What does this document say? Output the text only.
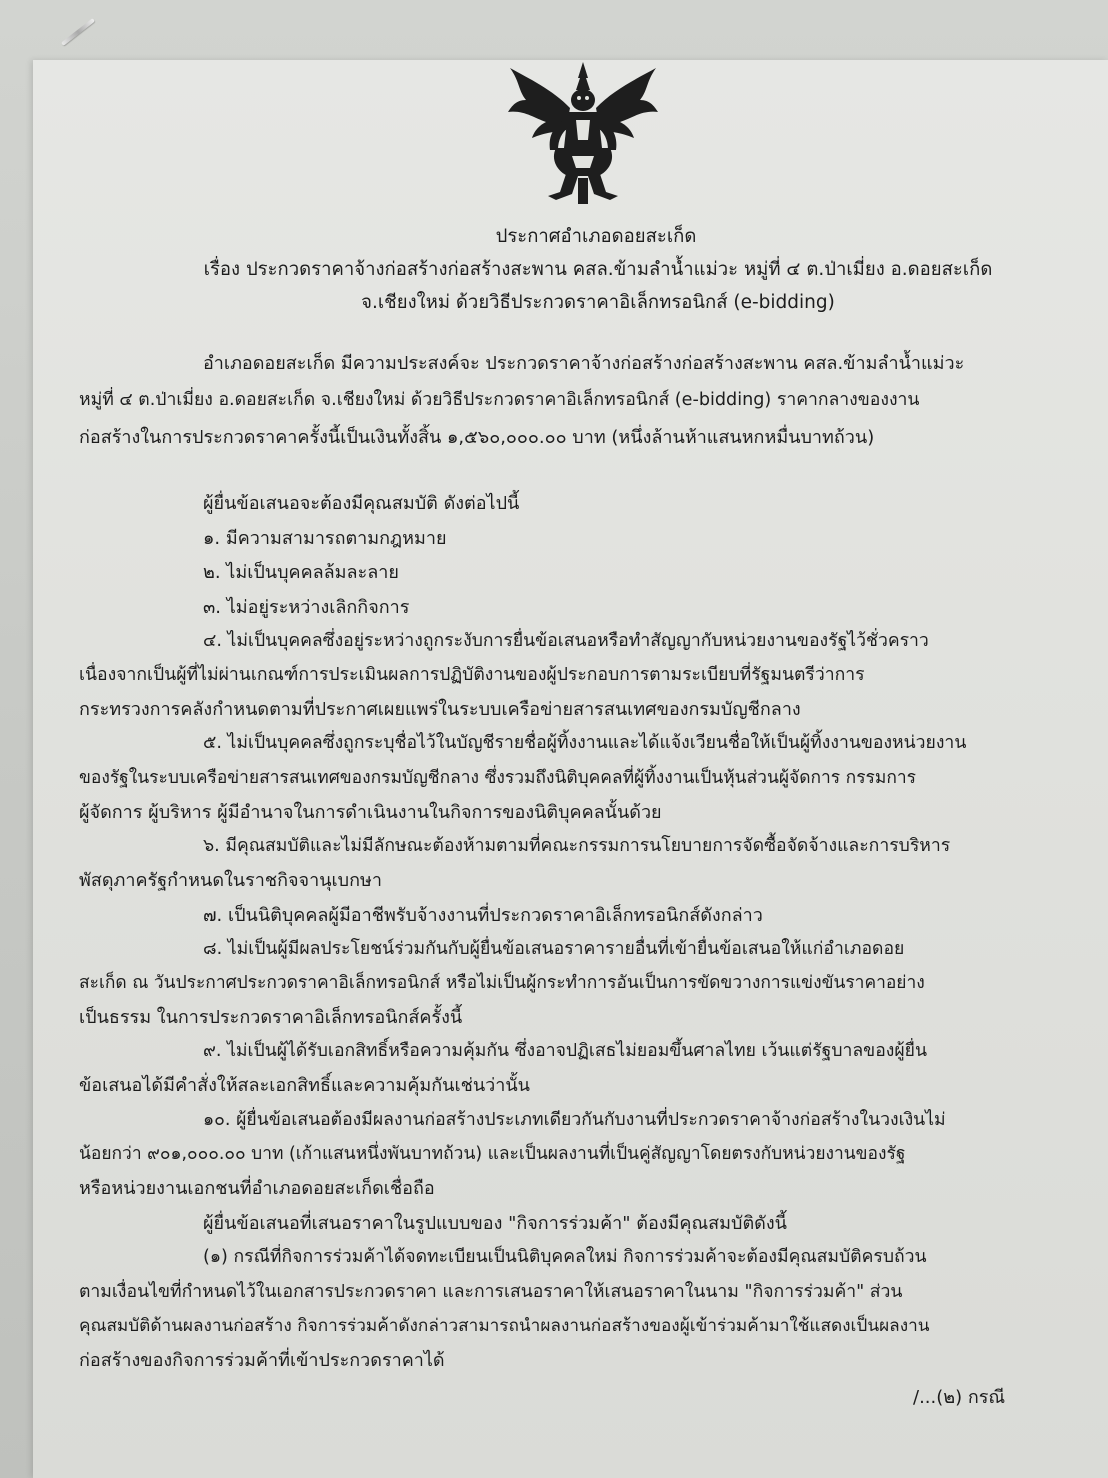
ประกาศอำเภอดอยสะเก็ด
เรื่อง ประกวดราคาจ้างก่อสร้างก่อสร้างสะพาน คสล.ข้ามลำน้ำแม่วะ หมู่ที่ ๔ ต.ป่าเมี่ยง อ.ดอยสะเก็ด
จ.เชียงใหม่ ด้วยวิธีประกวดราคาอิเล็กทรอนิกส์ (e-bidding)
อำเภอดอยสะเก็ด มีความประสงค์จะ ประกวดราคาจ้างก่อสร้างก่อสร้างสะพาน คสล.ข้ามลำน้ำแม่วะ
หมู่ที่ ๔ ต.ป่าเมี่ยง อ.ดอยสะเก็ด จ.เชียงใหม่ ด้วยวิธีประกวดราคาอิเล็กทรอนิกส์ (e-bidding) ราคากลางของงาน
ก่อสร้างในการประกวดราคาครั้งนี้เป็นเงินทั้งสิ้น ๑,๕๖๐,๐๐๐.๐๐ บาท (หนึ่งล้านห้าแสนหกหมื่นบาทถ้วน)
ผู้ยื่นข้อเสนอจะต้องมีคุณสมบัติ ดังต่อไปนี้
๑. มีความสามารถตามกฎหมาย
๒. ไม่เป็นบุคคลล้มละลาย
๓. ไม่อยู่ระหว่างเลิกกิจการ
๔. ไม่เป็นบุคคลซึ่งอยู่ระหว่างถูกระงับการยื่นข้อเสนอหรือทำสัญญากับหน่วยงานของรัฐไว้ชั่วคราว
เนื่องจากเป็นผู้ที่ไม่ผ่านเกณฑ์การประเมินผลการปฏิบัติงานของผู้ประกอบการตามระเบียบที่รัฐมนตรีว่าการ
กระทรวงการคลังกำหนดตามที่ประกาศเผยแพร่ในระบบเครือข่ายสารสนเทศของกรมบัญชีกลาง
๕. ไม่เป็นบุคคลซึ่งถูกระบุชื่อไว้ในบัญชีรายชื่อผู้ทิ้งงานและได้แจ้งเวียนชื่อให้เป็นผู้ทิ้งงานของหน่วยงาน
ของรัฐในระบบเครือข่ายสารสนเทศของกรมบัญชีกลาง ซึ่งรวมถึงนิติบุคคลที่ผู้ทิ้งงานเป็นหุ้นส่วนผู้จัดการ กรรมการ
ผู้จัดการ ผู้บริหาร ผู้มีอำนาจในการดำเนินงานในกิจการของนิติบุคคลนั้นด้วย
๖. มีคุณสมบัติและไม่มีลักษณะต้องห้ามตามที่คณะกรรมการนโยบายการจัดซื้อจัดจ้างและการบริหาร
พัสดุภาครัฐกำหนดในราชกิจจานุเบกษา
๗. เป็นนิติบุคคลผู้มีอาชีพรับจ้างงานที่ประกวดราคาอิเล็กทรอนิกส์ดังกล่าว
๘. ไม่เป็นผู้มีผลประโยชน์ร่วมกันกับผู้ยื่นข้อเสนอราคารายอื่นที่เข้ายื่นข้อเสนอให้แก่อำเภอดอย
สะเก็ด ณ วันประกาศประกวดราคาอิเล็กทรอนิกส์ หรือไม่เป็นผู้กระทำการอันเป็นการขัดขวางการแข่งขันราคาอย่าง
เป็นธรรม ในการประกวดราคาอิเล็กทรอนิกส์ครั้งนี้
๙. ไม่เป็นผู้ได้รับเอกสิทธิ์หรือความคุ้มกัน ซึ่งอาจปฏิเสธไม่ยอมขึ้นศาลไทย เว้นแต่รัฐบาลของผู้ยื่น
ข้อเสนอได้มีคำสั่งให้สละเอกสิทธิ์และความคุ้มกันเช่นว่านั้น
๑๐. ผู้ยื่นข้อเสนอต้องมีผลงานก่อสร้างประเภทเดียวกันกับงานที่ประกวดราคาจ้างก่อสร้างในวงเงินไม่
น้อยกว่า ๙๐๑,๐๐๐.๐๐ บาท (เก้าแสนหนึ่งพันบาทถ้วน) และเป็นผลงานที่เป็นคู่สัญญาโดยตรงกับหน่วยงานของรัฐ
หรือหน่วยงานเอกชนที่อำเภอดอยสะเก็ดเชื่อถือ
ผู้ยื่นข้อเสนอที่เสนอราคาในรูปแบบของ "กิจการร่วมค้า" ต้องมีคุณสมบัติดังนี้
(๑) กรณีที่กิจการร่วมค้าได้จดทะเบียนเป็นนิติบุคคลใหม่ กิจการร่วมค้าจะต้องมีคุณสมบัติครบถ้วน
ตามเงื่อนไขที่กำหนดไว้ในเอกสารประกวดราคา และการเสนอราคาให้เสนอราคาในนาม "กิจการร่วมค้า" ส่วน
คุณสมบัติด้านผลงานก่อสร้าง กิจการร่วมค้าดังกล่าวสามารถนำผลงานก่อสร้างของผู้เข้าร่วมค้ามาใช้แสดงเป็นผลงาน
ก่อสร้างของกิจการร่วมค้าที่เข้าประกวดราคาได้
/...(๒) กรณี
